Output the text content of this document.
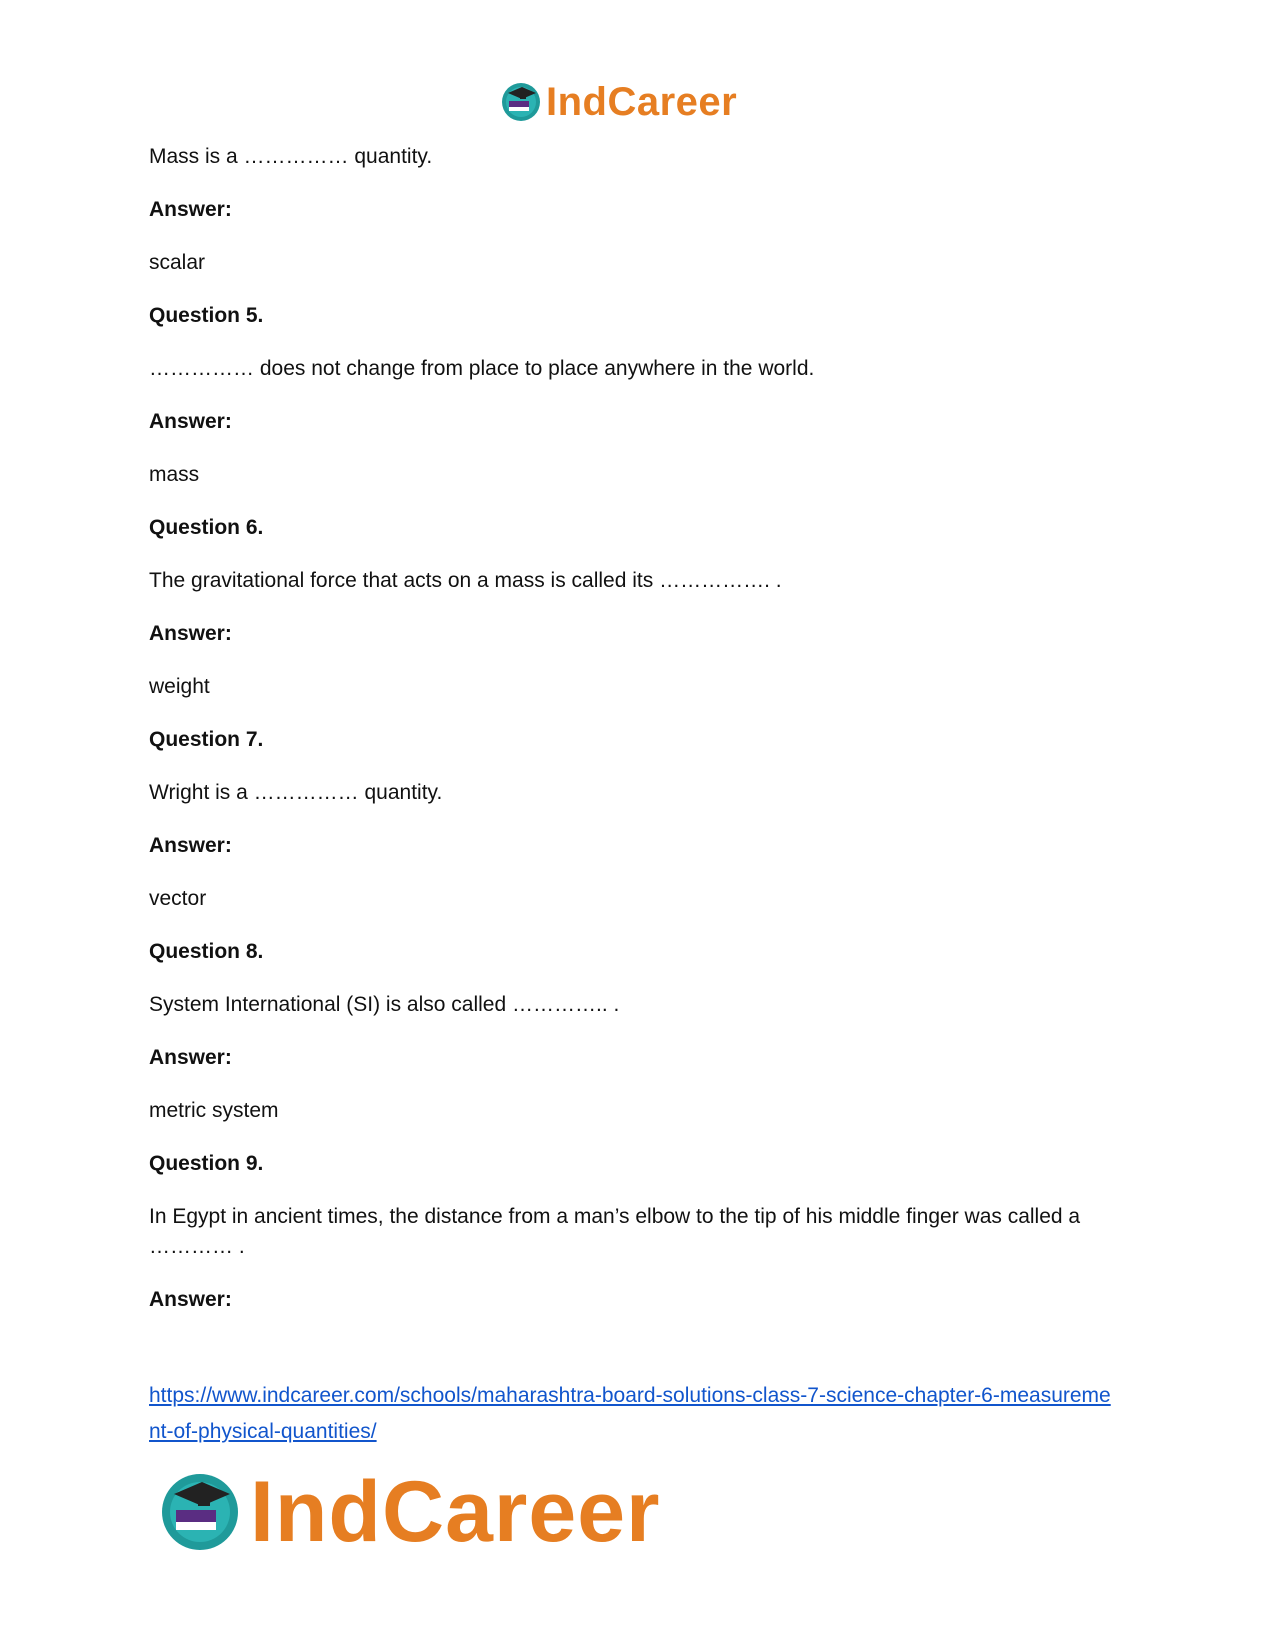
IndCareer
Mass is a …………… quantity.
Answer:
scalar
Question 5.
…………… does not change from place to place anywhere in the world.
Answer:
mass
Question 6.
The gravitational force that acts on a mass is called its ……………. .
Answer:
weight
Question 7.
Wright is a …………… quantity.
Answer:
vector
Question 8.
System International (SI) is also called ………….. .
Answer:
metric system
Question 9.
In Egypt in ancient times, the distance from a man’s elbow to the tip of his middle finger was called a ………… .
Answer:
https://www.indcareer.com/schools/maharashtra-board-solutions-class-7-science-chapter-6-measurement-of-physical-quantities/
IndCareer
